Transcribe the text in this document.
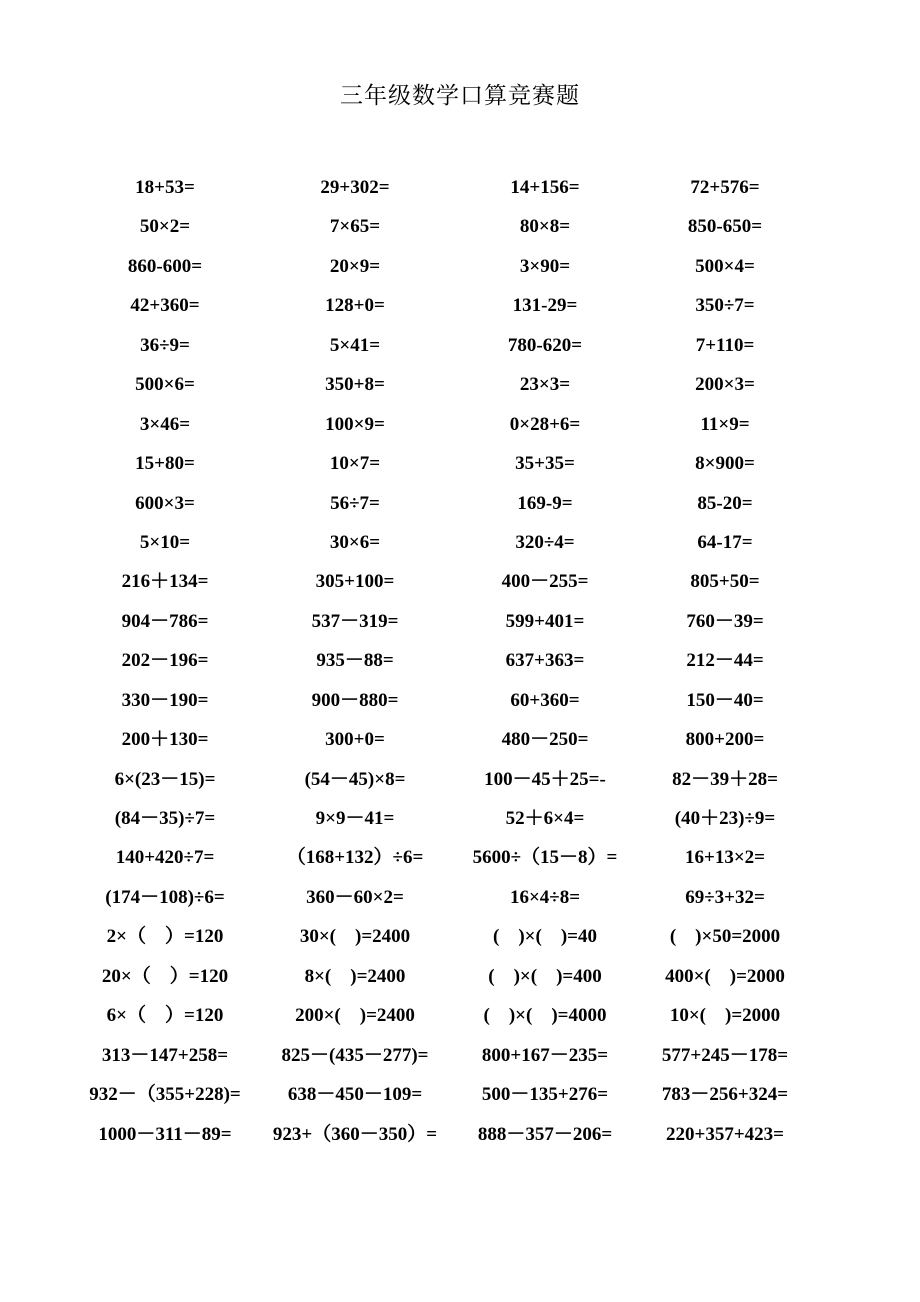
三年级数学口算竞赛题
18+53=	29+302=	14+156=	72+576=
50×2=	7×65=	80×8=	850-650=
860-600=	20×9=	3×90=	500×4=
42+360=	128+0=	131-29=	350÷7=
36÷9=	5×41=	780-620=	7+110=
500×6=	350+8=	23×3=	200×3=
3×46=	100×9=	0×28+6=	11×9=
15+80=	10×7=	35+35=	8×900=
600×3=	56÷7=	169-9=	85-20=
5×10=	30×6=	320÷4=	64-17=
216＋134=	305+100=	400－255=	805+50=
904－786=	537－319=	599+401=	760－39=
202－196=	935－88=	637+363=	212－44=
330－190=	900－880=	60+360=	150－40=
200＋130=	300+0=	480－250=	800+200=
6×(23－15)=	(54－45)×8=	100－45＋25=-	82－39＋28=
(84－35)÷7=	9×9－41=	52＋6×4=	(40＋23)÷9=
140+420÷7=	（168+132）÷6=	5600÷（15－8）=	16+13×2=
(174－108)÷6=	360－60×2=	16×4÷8=	69÷3+32=
2×（　）=120	30×(　)=2400	(　)×(　)=40	(　)×50=2000
20×（　）=120	8×(　)=2400	(　)×(　)=400	400×(　)=2000
6×（　）=120	200×(　)=2400	(　)×(　)=4000	10×(　)=2000
313－147+258=	825－(435－277)=	800+167－235=	577+245－178=
932－（355+228)=	638－450－109=	500－135+276=	783－256+324=
1000－311－89=	923+（360－350）=	888－357－206=	220+357+423=
